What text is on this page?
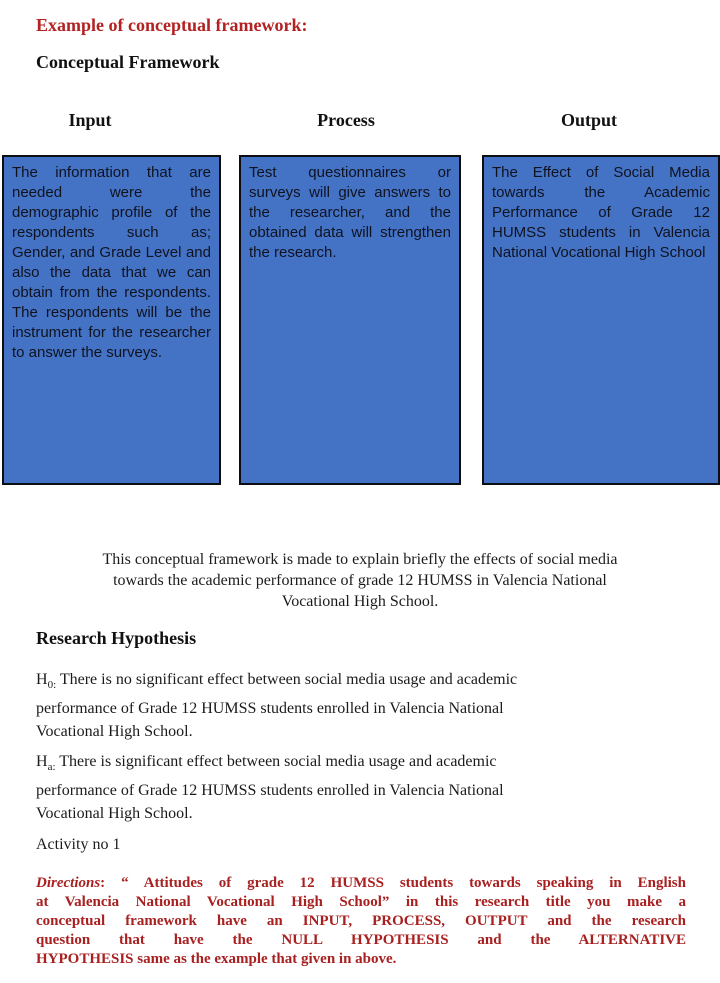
Example of conceptual framework:
Conceptual Framework
Input	Process	Output
The information that are needed were the demographic profile of the respondents such as; Gender, and Grade Level and also the data that we can obtain from the respondents. The respondents will be the instrument for the researcher to answer the surveys.
Test questionnaires or surveys will give answers to the researcher, and the obtained data will strengthen the research.
The Effect of Social Media towards the Academic Performance of Grade 12 HUMSS students in Valencia National Vocational High School
This conceptual framework is made to explain briefly the effects of social media
towards the academic performance of grade 12 HUMSS in Valencia National
Vocational High School.
Research Hypothesis
$H_{0:}$ There is no significant effect between social media usage and academic
performance of Grade 12 HUMSS students enrolled in Valencia National
Vocational High School.
$H_{a:}$ There is significant effect between social media usage and academic
performance of Grade 12 HUMSS students enrolled in Valencia National
Vocational High School.
Activity no 1
Directions: “ Attitudes of grade 12 HUMSS students towards speaking in English
at Valencia National Vocational High School” in this research title you make a
conceptual framework have an INPUT, PROCESS, OUTPUT and the research
question that have the NULL HYPOTHESIS and the ALTERNATIVE
HYPOTHESIS same as the example that given in above.
